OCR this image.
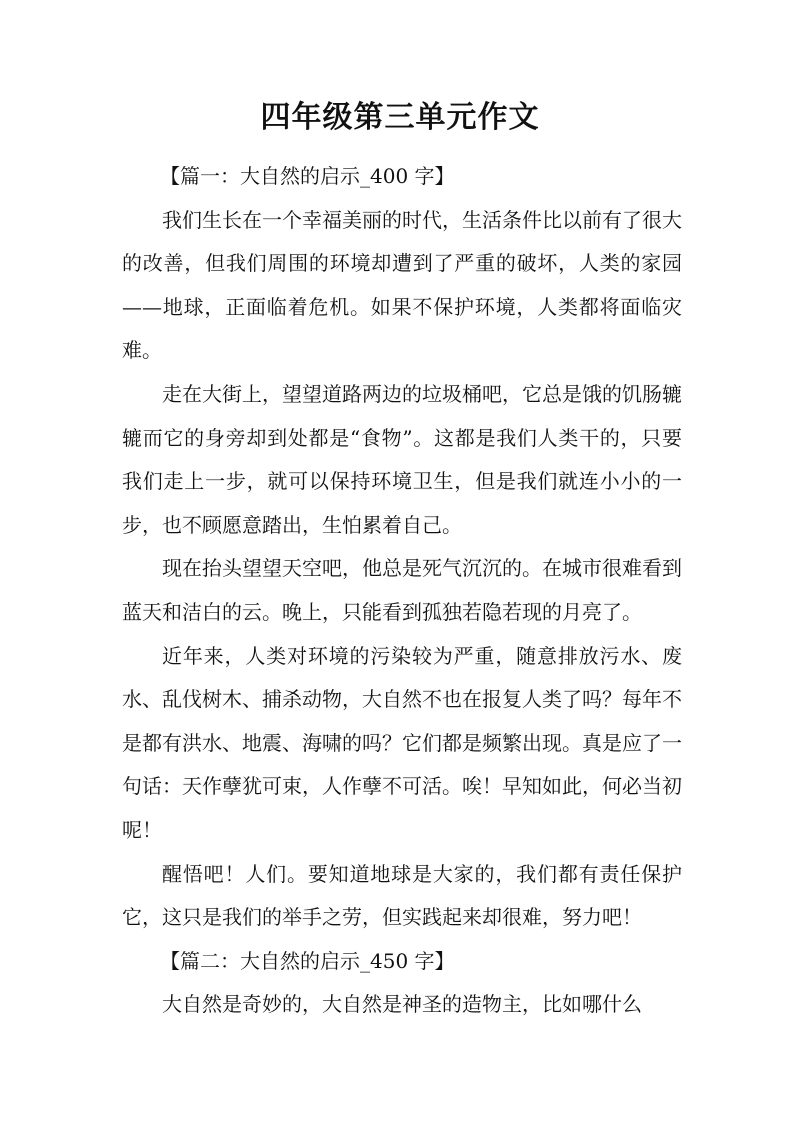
四年级第三单元作文

【篇一：大自然的启示_400 字】

我们生长在一个幸福美丽的时代，生活条件比以前有了很大的改善，但我们周围的环境却遭到了严重的破坏，人类的家园——地球，正面临着危机。如果不保护环境，人类都将面临灾难。

走在大街上，望望道路两边的垃圾桶吧，它总是饿的饥肠辘辘而它的身旁却到处都是“食物”。这都是我们人类干的，只要我们走上一步，就可以保持环境卫生，但是我们就连小小的一步，也不顾愿意踏出，生怕累着自己。

现在抬头望望天空吧，他总是死气沉沉的。在城市很难看到蓝天和洁白的云。晚上，只能看到孤独若隐若现的月亮了。

近年来，人类对环境的污染较为严重，随意排放污水、废水、乱伐树木、捕杀动物，大自然不也在报复人类了吗？每年不是都有洪水、地震、海啸的吗？它们都是频繁出现。真是应了一句话：天作孽犹可束，人作孽不可活。唉！早知如此，何必当初呢！

醒悟吧！人们。要知道地球是大家的，我们都有责任保护它，这只是我们的举手之劳，但实践起来却很难，努力吧！

【篇二：大自然的启示_450 字】

大自然是奇妙的，大自然是神圣的造物主，比如哪什么
